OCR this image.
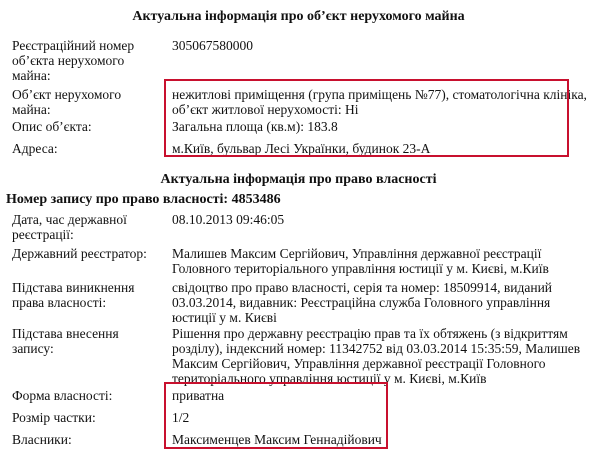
Актуальна інформація про об’єкт нерухомого майна
Реєстраційний номер об’єкта нерухомого майна:
305067580000
Об’єкт нерухомого майна:
нежитлові приміщення (група приміщень №77), стоматологічна клініка, об’єкт житлової нерухомості: Ні
Опис об’єкта:	Загальна площа (кв.м): 183.8
Адреса:	м.Київ, бульвар Лесі Українки, будинок 23-А
Актуальна інформація про право власності
Номер запису про право власності: 4853486
Дата, час державної реєстрації:
08.10.2013 09:46:05
Державний реєстратор:	Малишев Максим Сергійович, Управління державної реєстрації Головного територіального управління юстиції у м. Києві, м.Київ
Підстава виникнення права власності:
свідоцтво про право власності, серія та номер: 18509914, виданий 03.03.2014, видавник: Реєстраційна служба Головного управління юстиції у м. Києві
Підстава внесення запису:
Рішення про державну реєстрацію прав та їх обтяжень (з відкриттям розділу), індексний номер: 11342752 від 03.03.2014 15:35:59, Малишев Максим Сергійович, Управління державної реєстрації Головного територіального управління юстиції у м. Києві, м.Київ
Форма власності:	приватна
Розмір частки:	1/2
Власники:	Максименцев Максим Геннадійович
